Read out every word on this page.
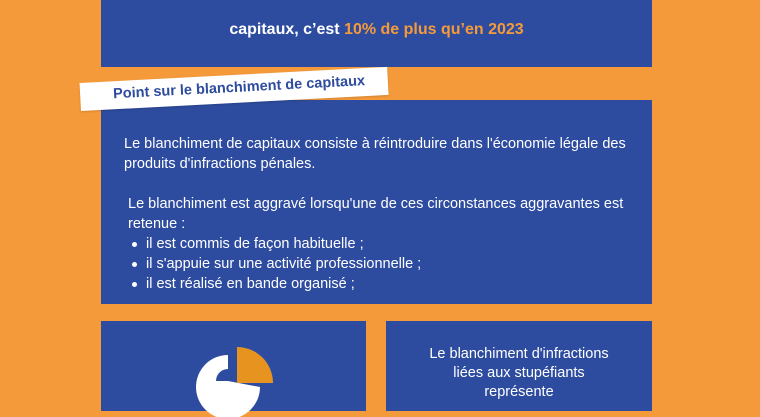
capitaux, c’est 10% de plus qu’en 2023

Le blanchiment de capitaux consiste à réintroduire dans l'économie légale des produits d'infractions pénales.

Le blanchiment est aggravé lorsqu'une de ces circonstances aggravantes est retenue :

il est commis de façon habituelle ;
il s'appuie sur une activité professionnelle ;
il est réalisé en bande organisé ;
Point sur le blanchiment de capitaux
Le blanchiment d'infractions
liées aux stupéfiants
représente
